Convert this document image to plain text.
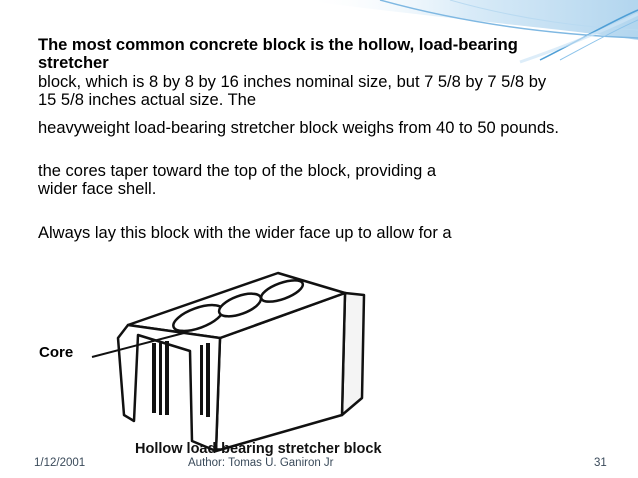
The most common concrete block is the hollow, load-bearing
stretcher
block, which is 8 by 8 by 16 inches nominal size, but 7 5/8 by 7 5/8 by
15 5/8 inches actual size. The
heavyweight load-bearing stretcher block weighs from 40 to 50 pounds.
the cores taper toward the top of the block, providing a
wider face shell.
Always lay this block with the wider face up to allow for a
Core
Hollow load-bearing stretcher block
1/12/2001	Author: Tomas U. Ganiron Jr	31
